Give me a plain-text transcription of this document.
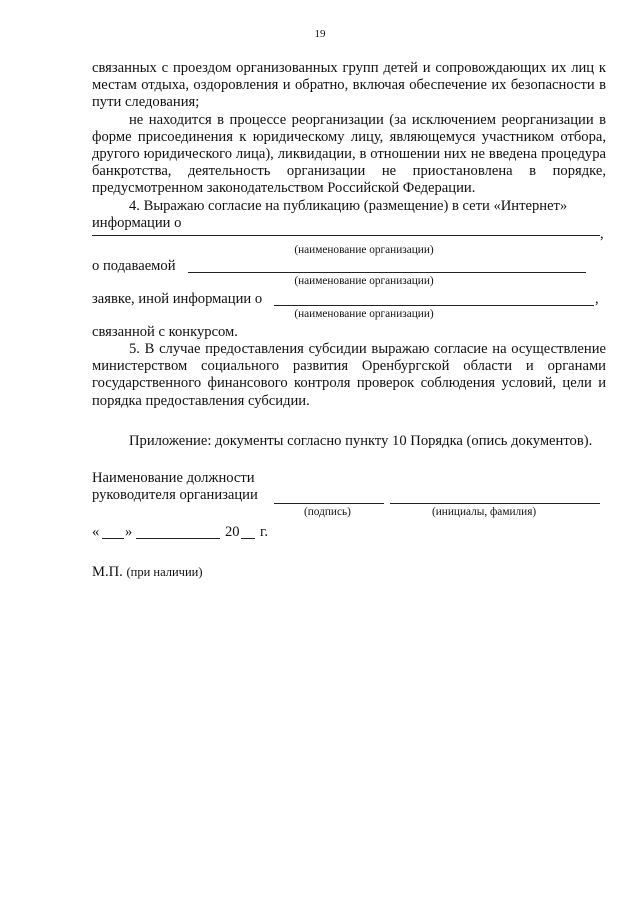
19

связанных с проездом организованных групп детей и сопровождающих их лиц к местам отдыха, оздоровления и обратно, включая обеспечение их безопасности в пути следования;

не находится в процессе реорганизации (за исключением реорганизации в форме присоединения к юридическому лицу, являющемуся участником отбора, другого юридического лица), ликвидации, в отношении них не введена процедура банкротства, деятельность организации не приостановлена в порядке, предусмотренном законодательством Российской Федерации.

4. Выражаю согласие на публикацию (размещение) в сети «Интернет»

информации о
,
(наименование организации)
о подаваемой
(наименование организации)
заявке, иной информации о	,
(наименование организации)
связанной с конкурсом.

5. В случае предоставления субсидии выражаю согласие на осуществление министерством социального развития Оренбургской области и органами государственного финансового контроля проверок соблюдения условий, цели и порядка предоставления субсидии.

Приложение: документы согласно пункту 10 Порядка (опись документов).

Наименование должности
руководителя организации
(подпись)	(инициалы, фамилия)
« »	20 г.
М.П. (при наличии)
